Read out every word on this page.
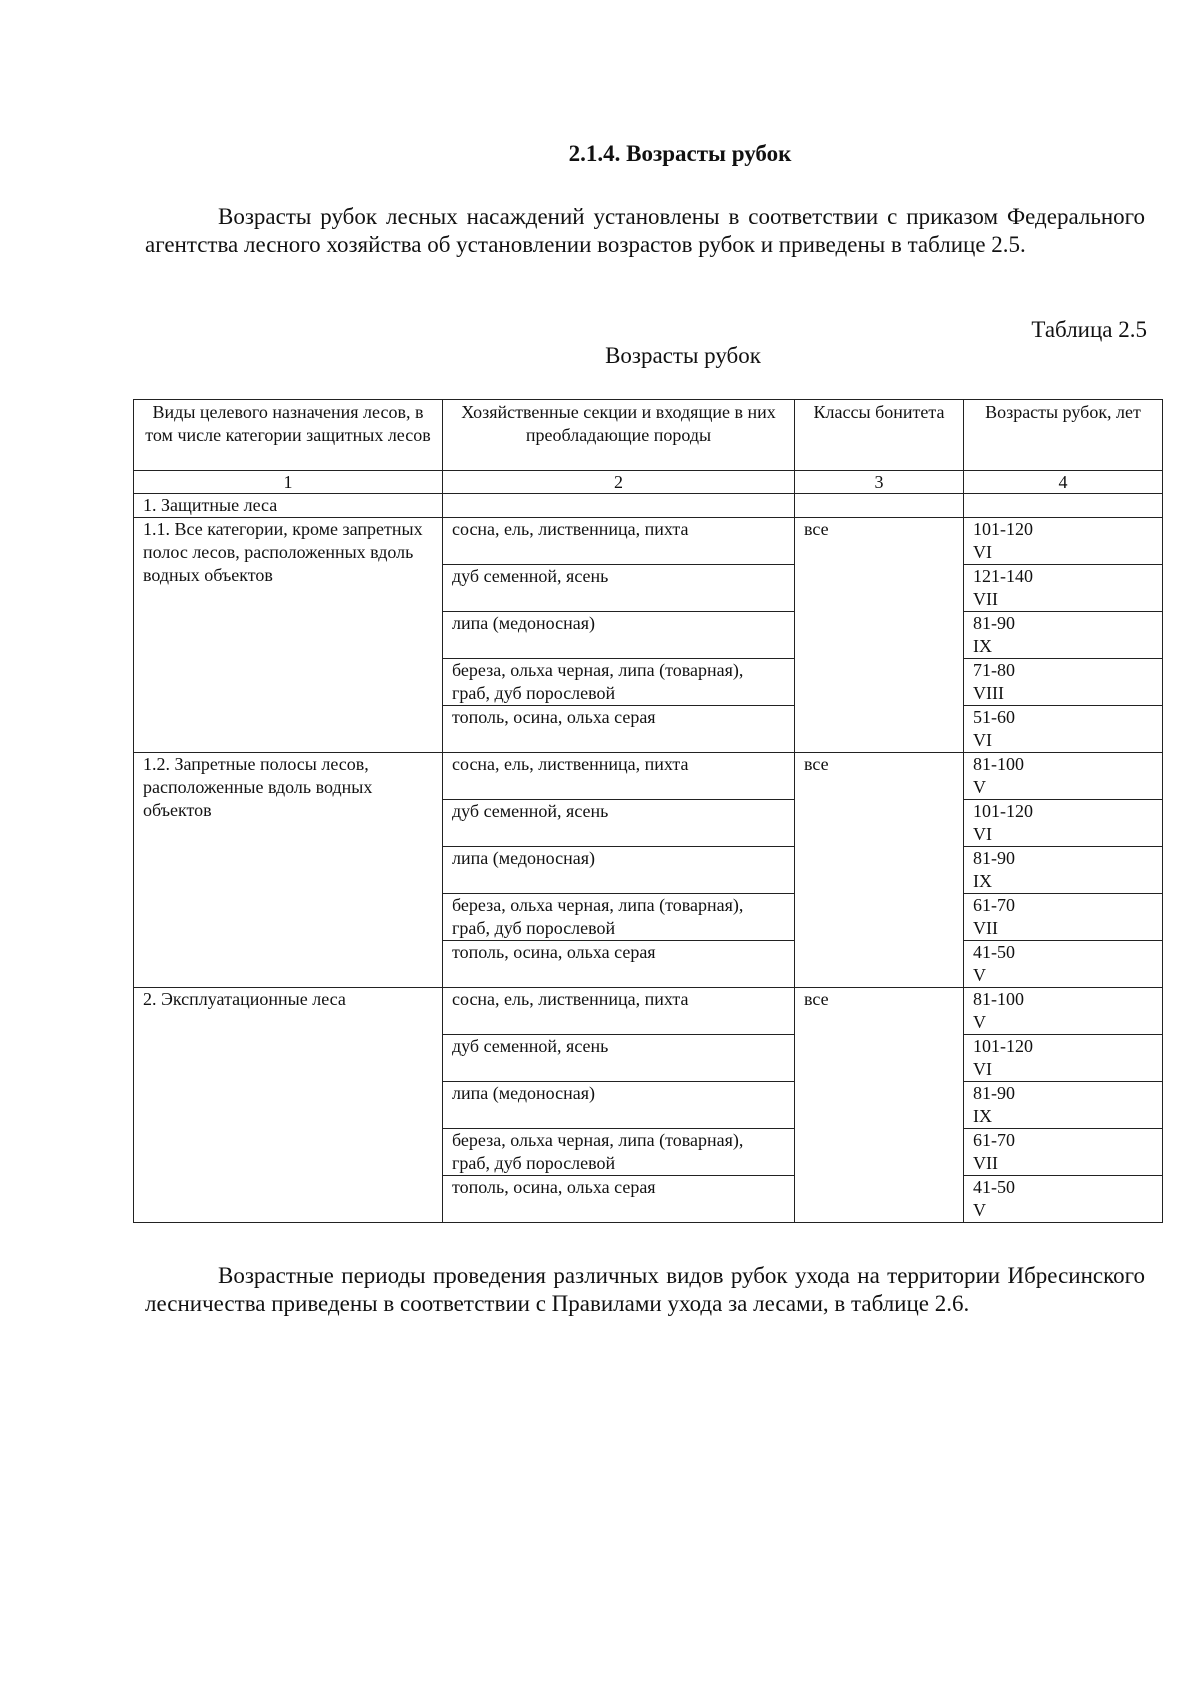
2.1.4. Возрасты рубок
Возрасты рубок лесных насаждений установлены в соответствии с приказом Федерального агентства лесного хозяйства об установлении возрастов рубок и приведены в таблице 2.5.
Таблица 2.5
Возрасты рубок
Виды целевого назначения лесов, в том числе категории защитных лесов	Хозяйственные секции и входящие в них преобладающие породы	Классы бонитета	Возрасты рубок, лет
1	2	3	4
1. Защитные леса			
1.1. Все категории, кроме запретных полос лесов, расположенных вдоль водных объектов	сосна, ель, лиственница, пихта	все	101-120
VI

	дуб семенной, ясень		121-140
VII

	липа (медоносная)		81-90
IX

	береза, ольха черная, липа (товарная), граб, дуб порослевой		71-80
VIII

	тополь, осина, ольха серая		51-60
VI

1.2. Запретные полосы лесов, расположенные вдоль водных объектов	сосна, ель, лиственница, пихта	все	81-100
V

	дуб семенной, ясень		101-120
VI

	липа (медоносная)		81-90
IX

	береза, ольха черная, липа (товарная), граб, дуб порослевой		61-70
VII

	тополь, осина, ольха серая		41-50
V

2. Эксплуатационные леса	сосна, ель, лиственница, пихта	все	81-100
V

	дуб семенной, ясень		101-120
VI

	липа (медоносная)		81-90
IX

	береза, ольха черная, липа (товарная), граб, дуб порослевой		61-70
VII

	тополь, осина, ольха серая		41-50
V
Возрастные периоды проведения различных видов рубок ухода на территории Ибресинского лесничества приведены в соответствии с Правилами ухода за лесами, в таблице 2.6.
